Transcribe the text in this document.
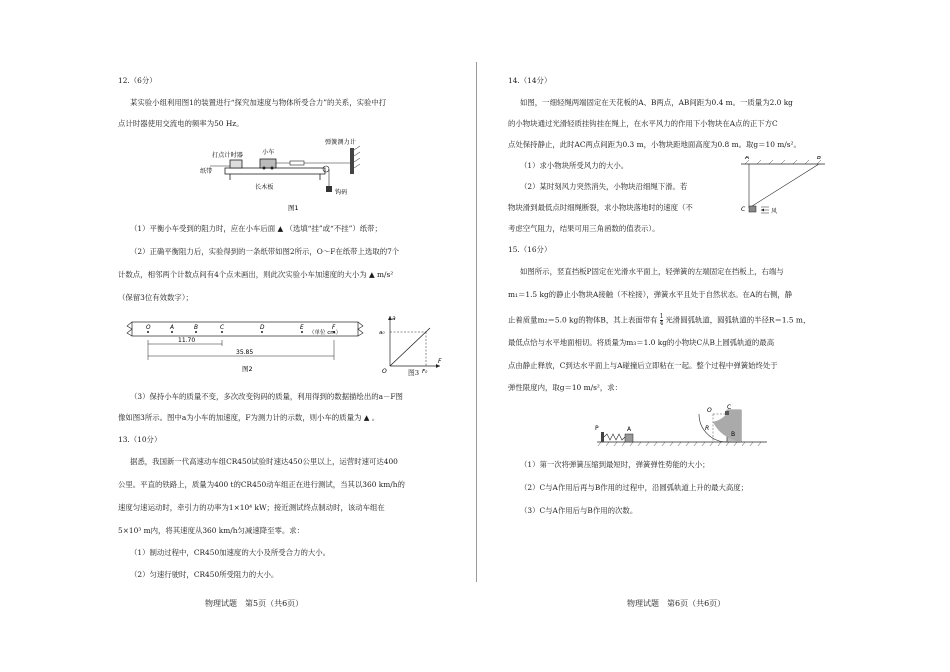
12.（6分）
某实验小组利用图1的装置进行“探究加速度与物体所受合力”的关系，实验中打
点计时器使用交流电的频率为50 Hz。
打点计时器	小车
弹簧测力计
纸带
长木板
钩码
图1
（1）平衡小车受到的阻力时，应在小车后面 ▲ （选填“挂”或“不挂”）纸带；
（2）正确平衡阻力后，实验得到的一条纸带如图2所示，O～F在纸带上选取的7个
计数点，相邻两个计数点间有4个点未画出，则此次实验小车加速度的大小为 ▲ m/s²
（保留3位有效数字）；
O	A	B	C	D	E	F
（单位 cm）
11.70
35.85
图2
a
F
O
a₀
F₀
图3
（3）保持小车的质量不变，多次改变钩码的质量，利用得到的数据描绘出的a－F图
像如图3所示。图中a为小车的加速度，F为测力计的示数，则小车的质量为 ▲ 。
13.（10分）
据悉，我国新一代高速动车组CR450试验时速达450公里以上，运营时速可达400
公里。平直的铁路上，质量为400 t的CR450动车组正在进行测试，当其以360 km/h的
速度匀速运动时，牵引力的功率为1×10⁴ kW；接近测试终点制动时，该动车组在
5×10³ m内，将其速度从360 km/h匀减速降至零。求：
（1）制动过程中，CR450加速度的大小及所受合力的大小。
（2）匀速行驶时，CR450所受阻力的大小。
物理试题　第5页（共6页）
14.（14分）
如图，一细轻绳两端固定在天花板的A、B两点，AB间距为0.4 m。一质量为2.0 kg
的小物块通过光滑轻质挂钩挂在绳上，在水平风力的作用下小物块在A点的正下方C
点处保持静止，此时AC两点间距为0.3 m，小物块距地面高度为0.8 m。取g＝10 m/s²。
（1）求小物块所受风力的大小。
（2）某时刻风力突然消失，小物块沿细绳下滑。若
物块滑到最低点时细绳断裂，求小物块落地时的速度（不
考虑空气阻力，结果可用三角函数的值表示）。
A	B
C	风
15.（16分）
如图所示，竖直挡板P固定在光滑水平面上，轻弹簧的左端固定在挡板上，右端与
m₁＝1.5 kg的静止小物块A接触（不栓接），弹簧水平且处于自然状态。在A的右侧，静
止着质量m₂＝5.0 kg的物体B，其上表面带有 $\frac{1}{4}$ 光滑圆弧轨道，圆弧轨道的半径R＝1.5 m，
最低点恰与水平地面相切。将质量为m₃＝1.0 kg的小物块C从B上圆弧轨道的最高
点由静止释放，C到达水平面上与A碰撞后立即粘在一起。整个过程中弹簧始终处于
弹性限度内，取g＝10 m/s²，求：
P	A
O	C
R
B
（1）第一次将弹簧压缩到最短时，弹簧弹性势能的大小；
（2）C与A作用后再与B作用的过程中，沿圆弧轨道上升的最大高度；
（3）C与A作用后与B作用的次数。
物理试题　第6页（共6页）
